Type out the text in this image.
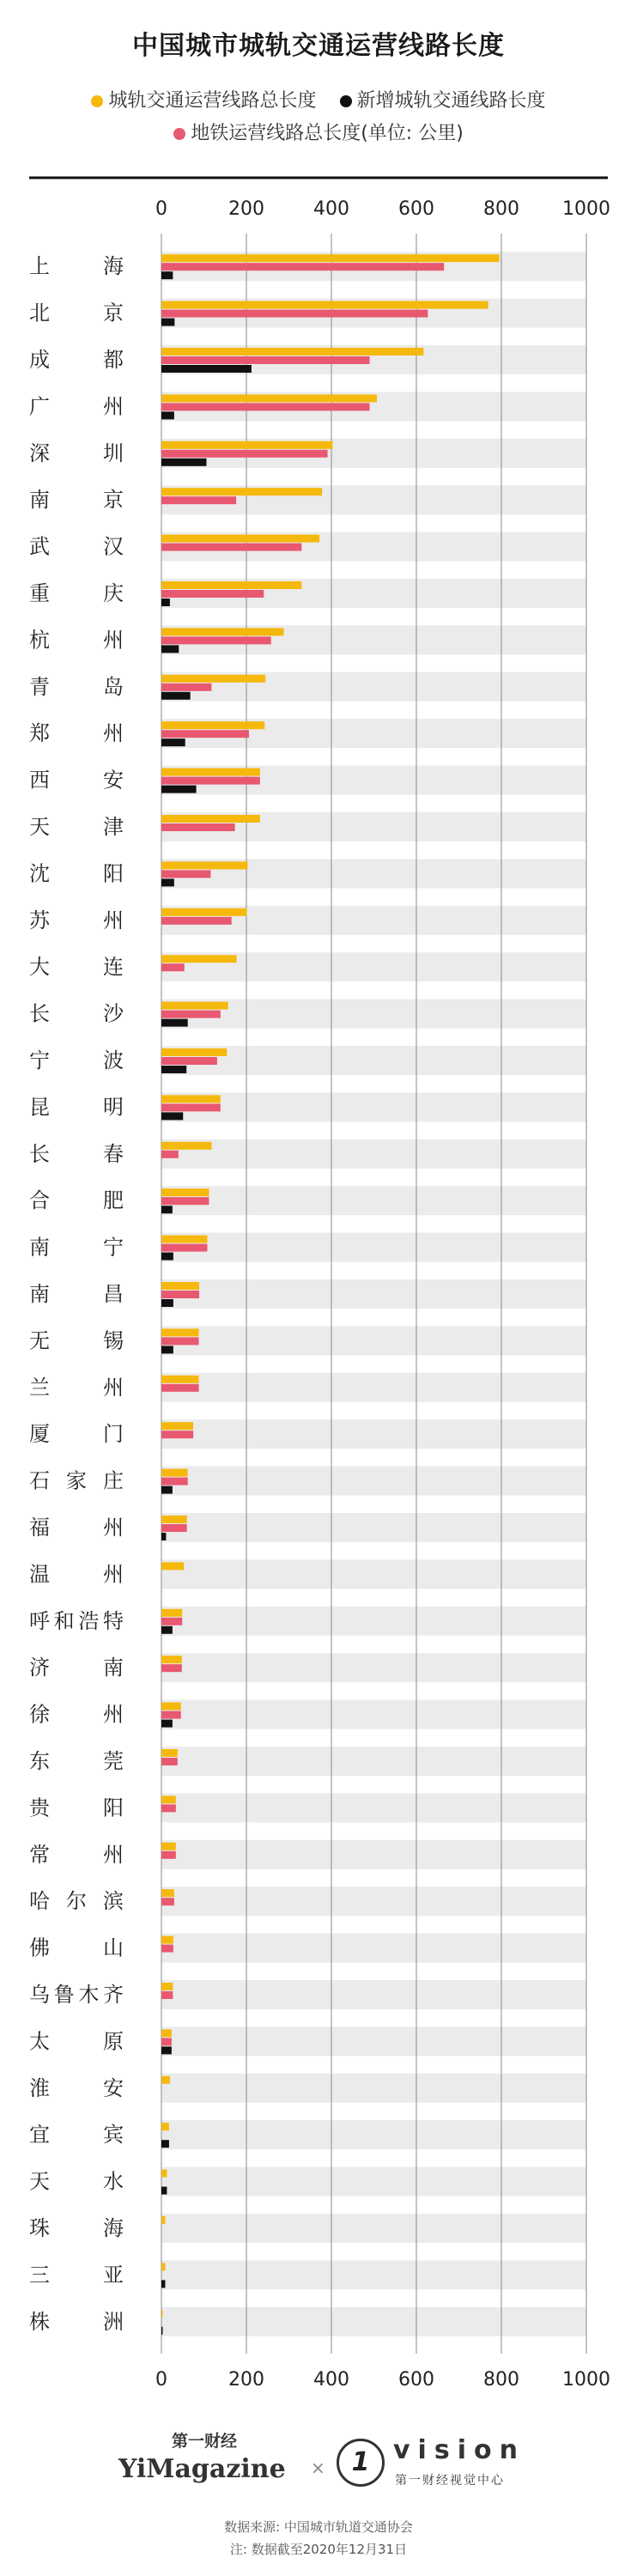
中国城市城轨交通运营线路长度
城轨交通运营线路总长度 新增城轨交通线路长度
地铁运营线路总长度(单位: 公里)
0
0
200
200
400
400
600
600
800
800
1000
1000
上海
北京
成都
广州
深圳
南京
武汉
重庆
杭州
青岛
郑州
西安
天津
沈阳
苏州
大连
长沙
宁波
昆明
长春
合肥
南宁
南昌
无锡
兰州
厦门
石家庄
福州
温州
呼和浩特
济南
徐州
东莞
贵阳
常州
哈尔滨
佛山
乌鲁木齐
太原
淮安
宜宾
天水
珠海
三亚
株洲
第一财经
YiMagazine ×	1 vision
第一财经视觉中心
数据来源: 中国城市轨道交通协会
注: 数据截至2020年12月31日
